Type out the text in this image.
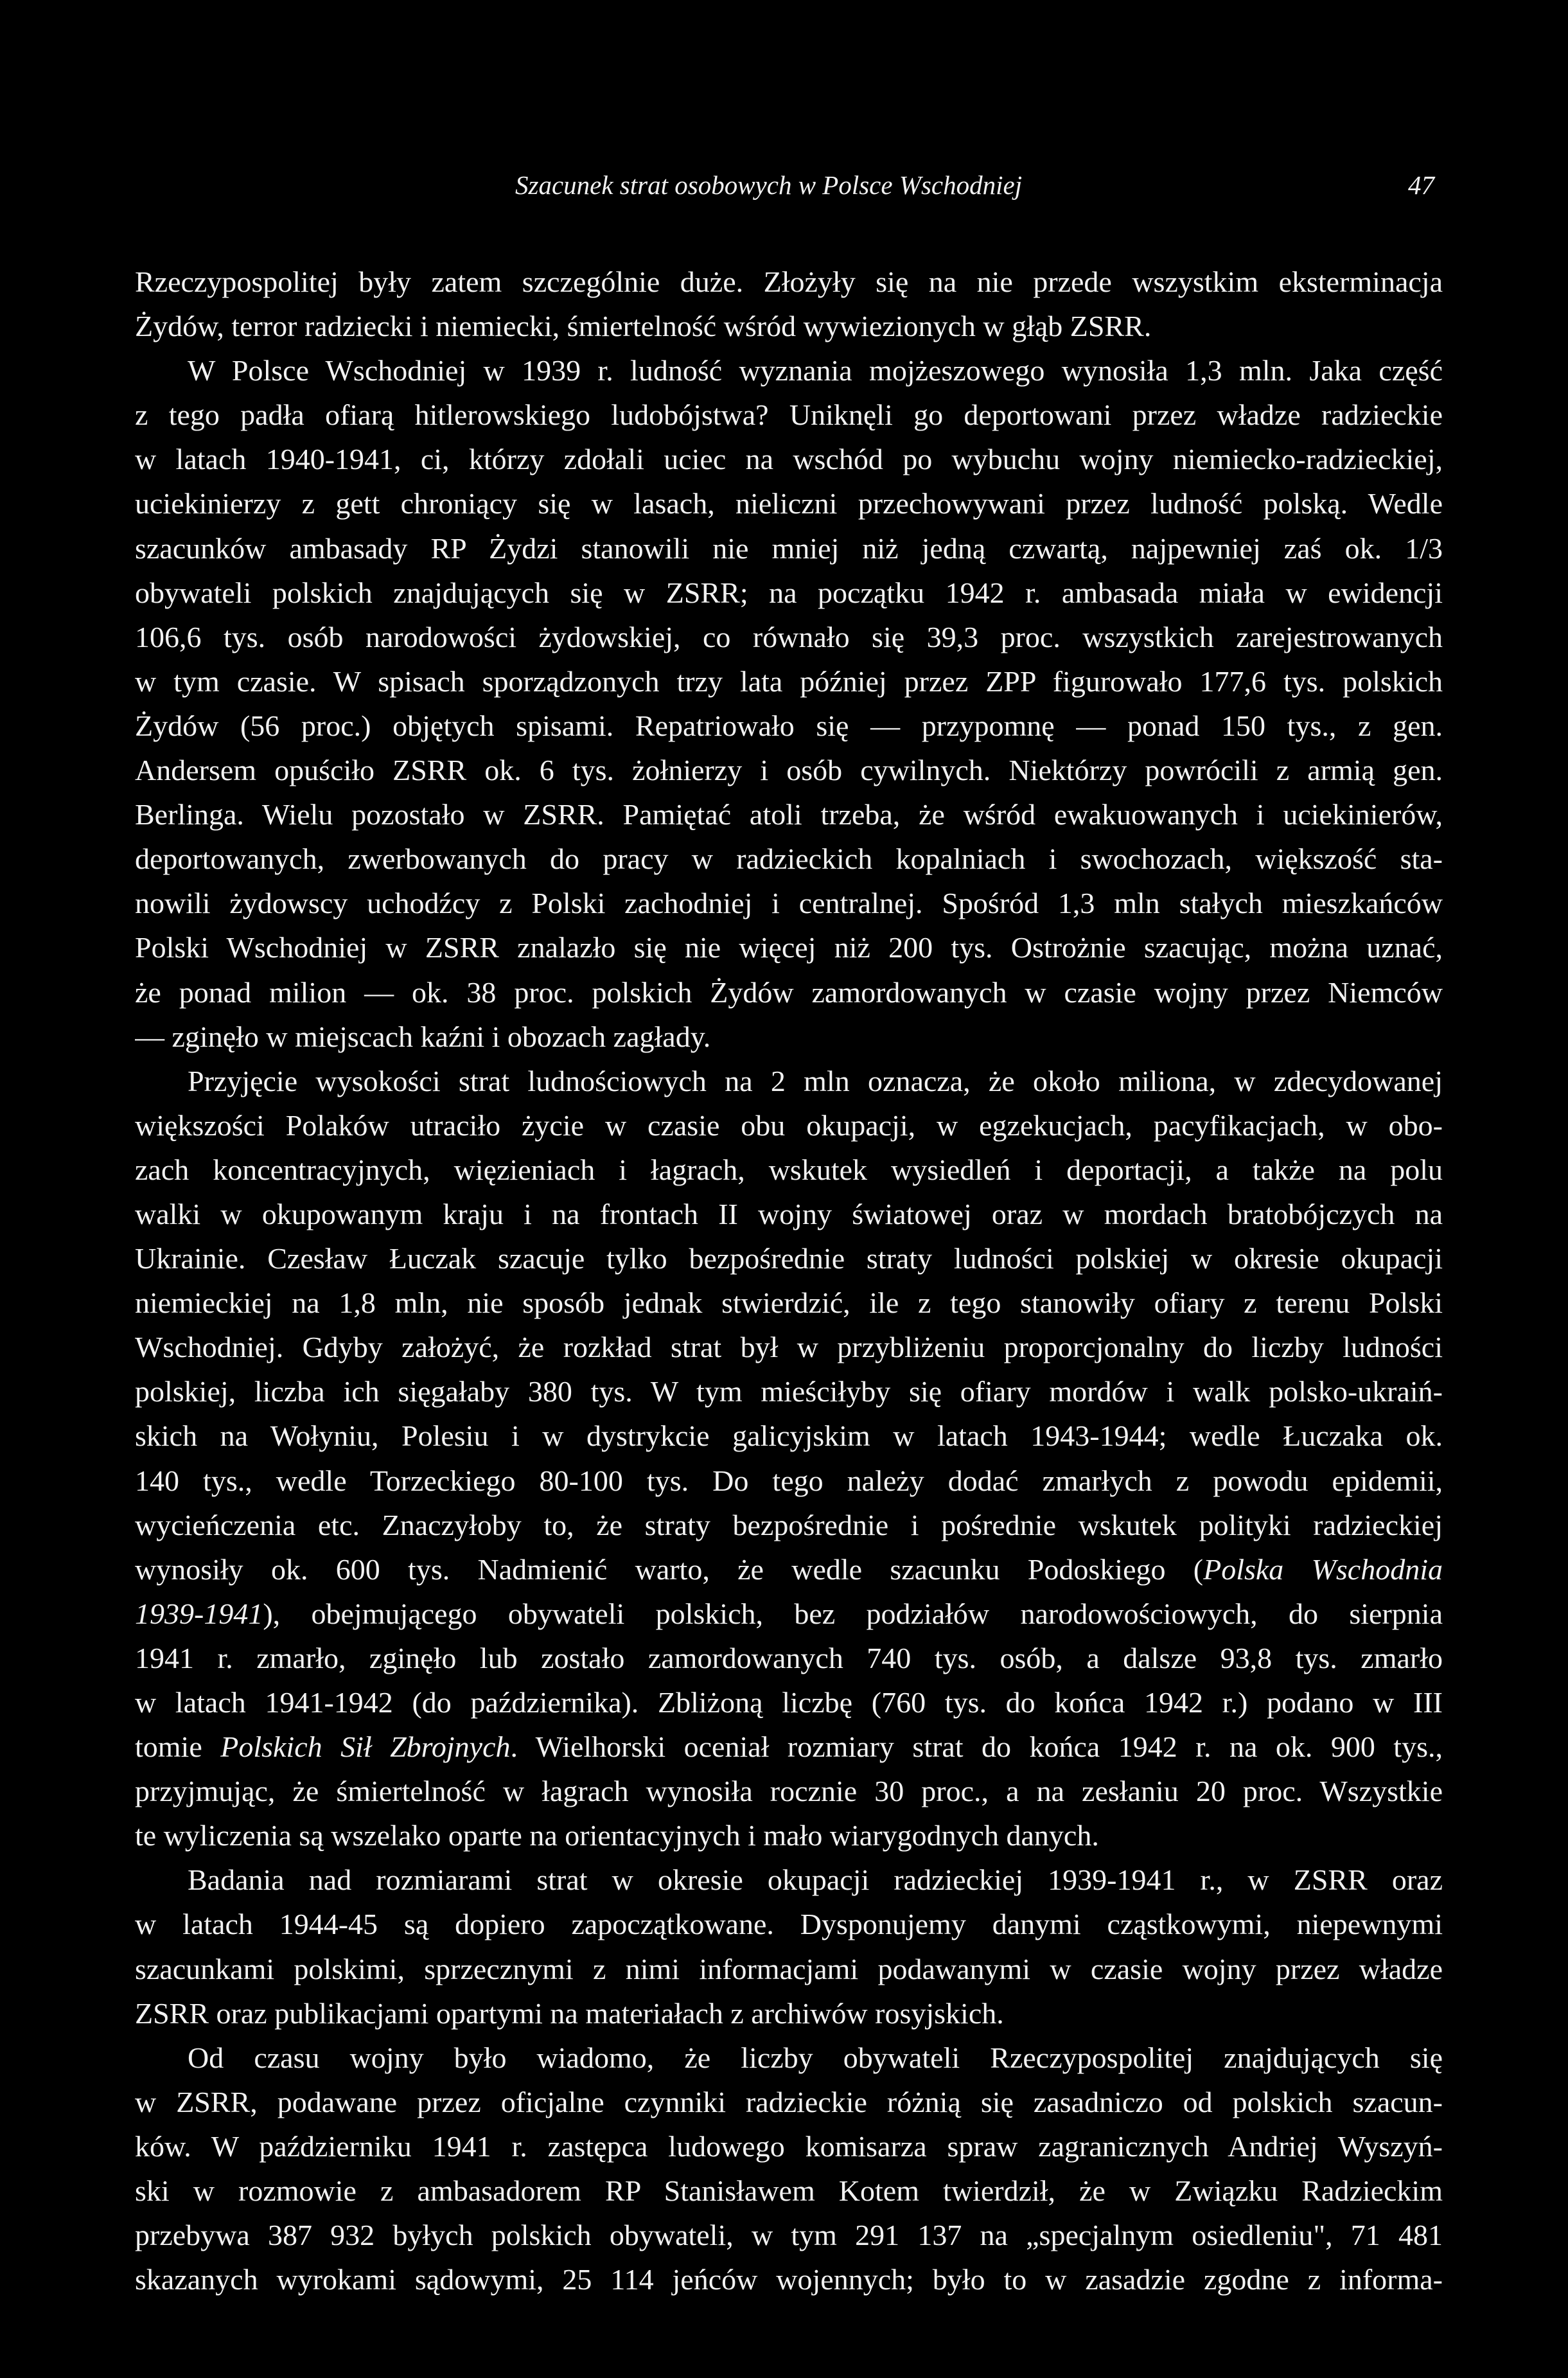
Szacunek strat osobowych w Polsce Wschodniej	47
Rzeczypospolitej były zatem szczególnie duże. Złożyły się na nie przede wszystkim eksterminacja
Żydów, terror radziecki i niemiecki, śmiertelność wśród wywiezionych w głąb ZSRR.
W Polsce Wschodniej w 1939 r. ludność wyznania mojżeszowego wynosiła 1,3 mln. Jaka część
z tego padła ofiarą hitlerowskiego ludobójstwa? Uniknęli go deportowani przez władze radzieckie
w latach 1940-1941, ci, którzy zdołali uciec na wschód po wybuchu wojny niemiecko-radzieckiej,
uciekinierzy z gett chroniący się w lasach, nieliczni przechowywani przez ludność polską. Wedle
szacunków ambasady RP Żydzi stanowili nie mniej niż jedną czwartą, najpewniej zaś ok. 1/3
obywateli polskich znajdujących się w ZSRR; na początku 1942 r. ambasada miała w ewidencji
106,6 tys. osób narodowości żydowskiej, co równało się 39,3 proc. wszystkich zarejestrowanych
w tym czasie. W spisach sporządzonych trzy lata później przez ZPP figurowało 177,6 tys. polskich
Żydów (56 proc.) objętych spisami. Repatriowało się — przypomnę — ponad 150 tys., z gen.
Andersem opuściło ZSRR ok. 6 tys. żołnierzy i osób cywilnych. Niektórzy powrócili z armią gen.
Berlinga. Wielu pozostało w ZSRR. Pamiętać atoli trzeba, że wśród ewakuowanych i uciekinierów,
deportowanych, zwerbowanych do pracy w radzieckich kopalniach i swochozach, większość sta-
nowili żydowscy uchodźcy z Polski zachodniej i centralnej. Spośród 1,3 mln stałych mieszkańców
Polski Wschodniej w ZSRR znalazło się nie więcej niż 200 tys. Ostrożnie szacując, można uznać,
że ponad milion — ok. 38 proc. polskich Żydów zamordowanych w czasie wojny przez Niemców
— zginęło w miejscach kaźni i obozach zagłady.
Przyjęcie wysokości strat ludnościowych na 2 mln oznacza, że około miliona, w zdecydowanej
większości Polaków utraciło życie w czasie obu okupacji, w egzekucjach, pacyfikacjach, w obo-
zach koncentracyjnych, więzieniach i łagrach, wskutek wysiedleń i deportacji, a także na polu
walki w okupowanym kraju i na frontach II wojny światowej oraz w mordach bratobójczych na
Ukrainie. Czesław Łuczak szacuje tylko bezpośrednie straty ludności polskiej w okresie okupacji
niemieckiej na 1,8 mln, nie sposób jednak stwierdzić, ile z tego stanowiły ofiary z terenu Polski
Wschodniej. Gdyby założyć, że rozkład strat był w przybliżeniu proporcjonalny do liczby ludności
polskiej, liczba ich sięgałaby 380 tys. W tym mieściłyby się ofiary mordów i walk polsko-ukraiń-
skich na Wołyniu, Polesiu i w dystrykcie galicyjskim w latach 1943-1944; wedle Łuczaka ok.
140 tys., wedle Torzeckiego 80-100 tys. Do tego należy dodać zmarłych z powodu epidemii,
wycieńczenia etc. Znaczyłoby to, że straty bezpośrednie i pośrednie wskutek polityki radzieckiej
wynosiły ok. 600 tys. Nadmienić warto, że wedle szacunku Podoskiego (Polska Wschodnia
1939-1941), obejmującego obywateli polskich, bez podziałów narodowościowych, do sierpnia
1941 r. zmarło, zginęło lub zostało zamordowanych 740 tys. osób, a dalsze 93,8 tys. zmarło
w latach 1941-1942 (do października). Zbliżoną liczbę (760 tys. do końca 1942 r.) podano w III
tomie Polskich Sił Zbrojnych. Wielhorski oceniał rozmiary strat do końca 1942 r. na ok. 900 tys.,
przyjmując, że śmiertelność w łagrach wynosiła rocznie 30 proc., a na zesłaniu 20 proc. Wszystkie
te wyliczenia są wszelako oparte na orientacyjnych i mało wiarygodnych danych.
Badania nad rozmiarami strat w okresie okupacji radzieckiej 1939-1941 r., w ZSRR oraz
w latach 1944-45 są dopiero zapoczątkowane. Dysponujemy danymi cząstkowymi, niepewnymi
szacunkami polskimi, sprzecznymi z nimi informacjami podawanymi w czasie wojny przez władze
ZSRR oraz publikacjami opartymi na materiałach z archiwów rosyjskich.
Od czasu wojny było wiadomo, że liczby obywateli Rzeczypospolitej znajdujących się
w ZSRR, podawane przez oficjalne czynniki radzieckie różnią się zasadniczo od polskich szacun-
ków. W październiku 1941 r. zastępca ludowego komisarza spraw zagranicznych Andriej Wyszyń-
ski w rozmowie z ambasadorem RP Stanisławem Kotem twierdził, że w Związku Radzieckim
przebywa 387 932 byłych polskich obywateli, w tym 291 137 na „specjalnym osiedleniu", 71 481
skazanych wyrokami sądowymi, 25 114 jeńców wojennych; było to w zasadzie zgodne z informa-
